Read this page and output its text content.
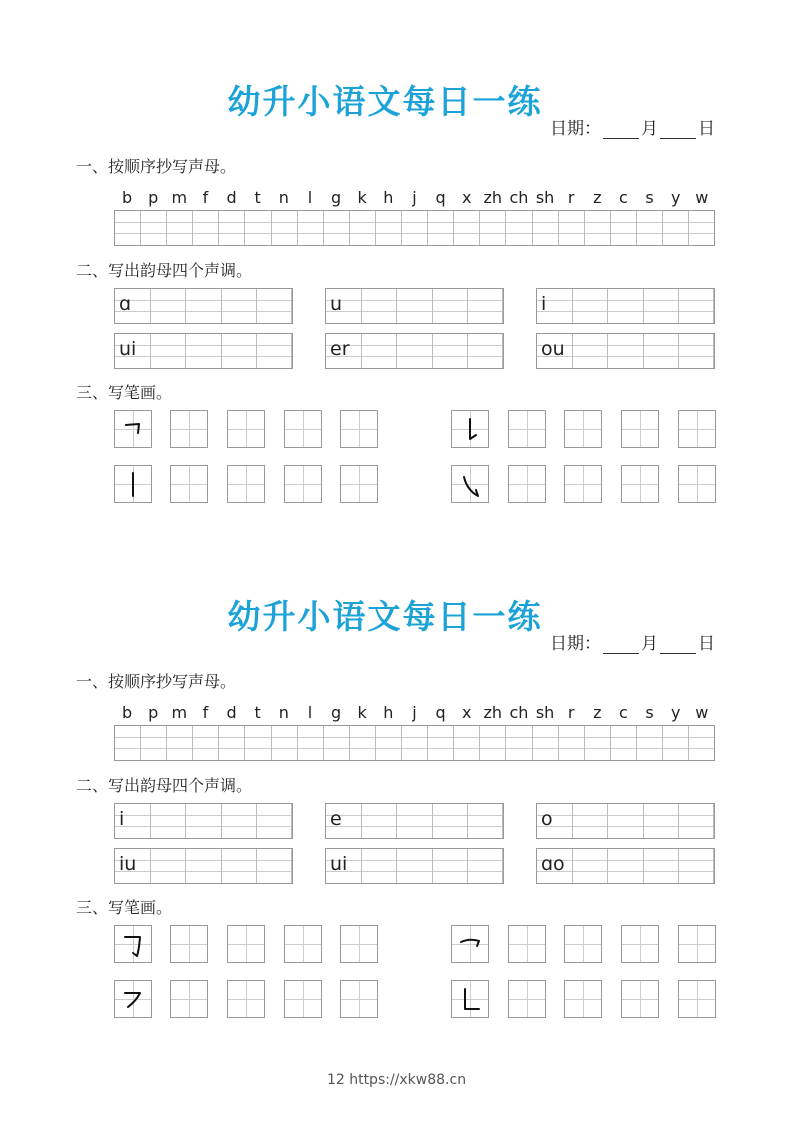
幼升小语文每日一练
日期： 月 日
一、按顺序抄写声母。
b p m f	d	t	n	l	g	k	h	j	q	x zh ch sh r	z	c	s	y w
二、写出韵母四个声调。
三、写笔画。
ɑ	u	i
ui	er	ou
幼升小语文每日一练
日期： 月 日
一、按顺序抄写声母。
b p m f	d	t	n	l	g	k	h	j	q	x zh ch sh r	z	c	s	y w
二、写出韵母四个声调。
三、写笔画。
i	e	o
iu	ui	ɑo
12 https://xkw88.cn
